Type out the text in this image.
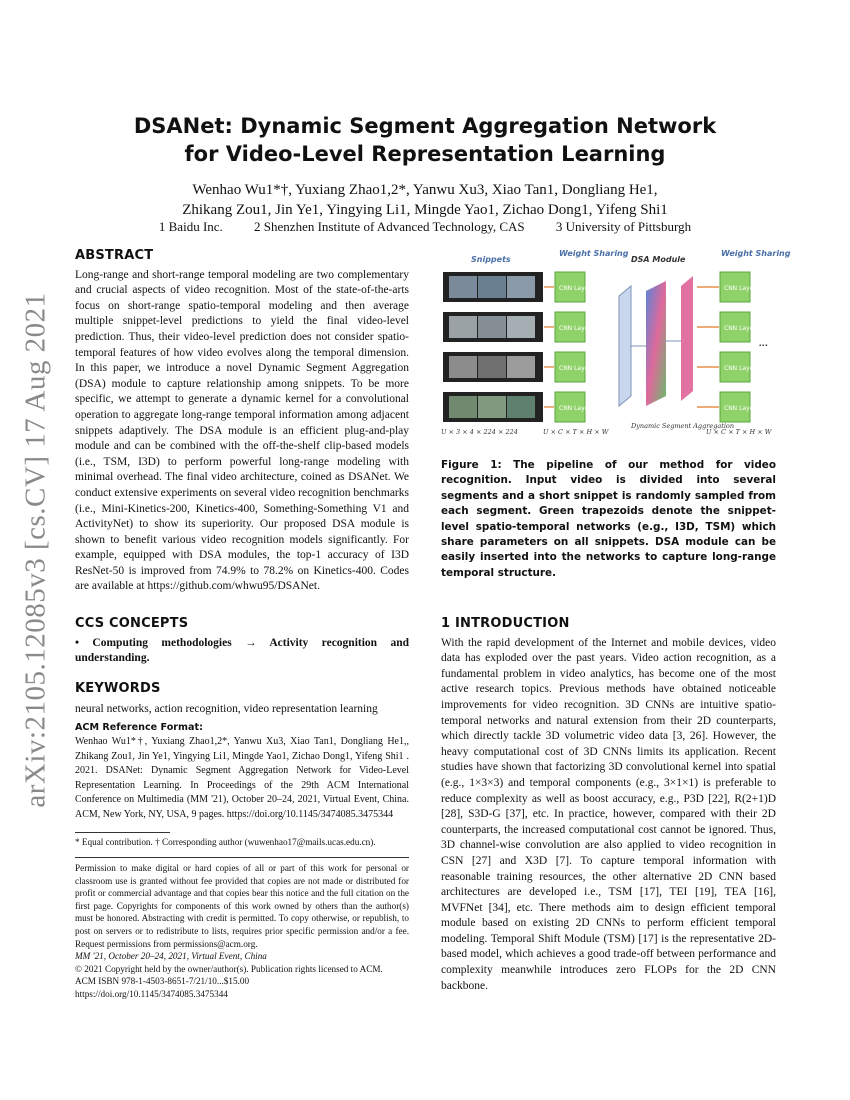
arXiv:2105.12085v3 [cs.CV] 17 Aug 2021
DSANet: Dynamic Segment Aggregation Network
for Video-Level Representation Learning
Wenhao Wu1*†, Yuxiang Zhao1,2*, Yanwu Xu3, Xiao Tan1, Dongliang He1,
Zhikang Zou1, Jin Ye1, Yingying Li1, Mingde Yao1, Zichao Dong1, Yifeng Shi1
1 Baidu Inc. 2 Shenzhen Institute of Advanced Technology, CAS 3 University of Pittsburgh
ABSTRACT

Long-range and short-range temporal modeling are two complementary and crucial aspects of video recognition. Most of the state-of-the-arts focus on short-range spatio-temporal modeling and then average multiple snippet-level predictions to yield the final video-level prediction. Thus, their video-level prediction does not consider spatio-temporal features of how video evolves along the temporal dimension. In this paper, we introduce a novel Dynamic Segment Aggregation (DSA) module to capture relationship among snippets. To be more specific, we attempt to generate a dynamic kernel for a convolutional operation to aggregate long-range temporal information among adjacent snippets adaptively. The DSA module is an efficient plug-and-play module and can be combined with the off-the-shelf clip-based models (i.e., TSM, I3D) to perform powerful long-range modeling with minimal overhead. The final video architecture, coined as DSANet. We conduct extensive experiments on several video recognition benchmarks (i.e., Mini-Kinetics-200, Kinetics-400, Something-Something V1 and ActivityNet) to show its superiority. Our proposed DSA module is shown to benefit various video recognition models significantly. For example, equipped with DSA modules, the top-1 accuracy of I3D ResNet-50 is improved from 74.9% to 78.2% on Kinetics-400. Codes are available at https://github.com/whwu95/DSANet.

CCS CONCEPTS

• Computing methodologies → Activity recognition and understanding.

KEYWORDS

neural networks, action recognition, video representation learning

ACM Reference Format:

Wenhao Wu1*†, Yuxiang Zhao1,2*, Yanwu Xu3, Xiao Tan1, Dongliang He1,, Zhikang Zou1, Jin Ye1, Yingying Li1, Mingde Yao1, Zichao Dong1, Yifeng Shi1 . 2021. DSANet: Dynamic Segment Aggregation Network for Video-Level Representation Learning. In Proceedings of the 29th ACM International Conference on Multimedia (MM '21), October 20–24, 2021, Virtual Event, China. ACM, New York, NY, USA, 9 pages. https://doi.org/10.1145/3474085.3475344

* Equal contribution. † Corresponding author (wuwenhao17@mails.ucas.edu.cn).

Permission to make digital or hard copies of all or part of this work for personal or classroom use is granted without fee provided that copies are not made or distributed for profit or commercial advantage and that copies bear this notice and the full citation on the first page. Copyrights for components of this work owned by others than the author(s) must be honored. Abstracting with credit is permitted. To copy otherwise, or republish, to post on servers or to redistribute to lists, requires prior specific permission and/or a fee. Request permissions from permissions@acm.org.

MM '21, October 20–24, 2021, Virtual Event, China

© 2021 Copyright held by the owner/author(s). Publication rights licensed to ACM.

ACM ISBN 978-1-4503-8651-7/21/10...$15.00

https://doi.org/10.1145/3474085.3475344

Snippets
Weight Sharing
DSA Module
Weight Sharing
CNN Layers
CNN Layers
CNN Layers
CNN Layers
CNN Layers
CNN Layers
CNN Layers
CNN Layers
...
U × 3 × 4 × 224 × 224	U × C × T × H × W
Dynamic Segment Aggregation
U × C × T × H × W
Figure 1: The pipeline of our method for video recognition. Input video is divided into several segments and a short snippet is randomly sampled from each segment. Green trapezoids denote the snippet-level spatio-temporal networks (e.g., I3D, TSM) which share parameters on all snippets. DSA module can be easily inserted into the networks to capture long-range temporal structure.
1 INTRODUCTION

With the rapid development of the Internet and mobile devices, video data has exploded over the past years. Video action recognition, as a fundamental problem in video analytics, has become one of the most active research topics. Previous methods have obtained noticeable improvements for video recognition. 3D CNNs are intuitive spatio-temporal networks and natural extension from their 2D counterparts, which directly tackle 3D volumetric video data [3, 26]. However, the heavy computational cost of 3D CNNs limits its application. Recent studies have shown that factorizing 3D convolutional kernel into spatial (e.g., 1×3×3) and temporal components (e.g., 3×1×1) is preferable to reduce complexity as well as boost accuracy, e.g., P3D [22], R(2+1)D [28], S3D-G [37], etc. In practice, however, compared with their 2D counterparts, the increased computational cost cannot be ignored. Thus, 3D channel-wise convolution are also applied to video recognition in CSN [27] and X3D [7]. To capture temporal information with reasonable training resources, the other alternative 2D CNN based architectures are developed i.e., TSM [17], TEI [19], TEA [16], MVFNet [34], etc. There methods aim to design efficient temporal module based on existing 2D CNNs to perform efficient temporal modeling. Temporal Shift Module (TSM) [17] is the representative 2D-based model, which achieves a good trade-off between performance and complexity meanwhile introduces zero FLOPs for the 2D CNN backbone.
